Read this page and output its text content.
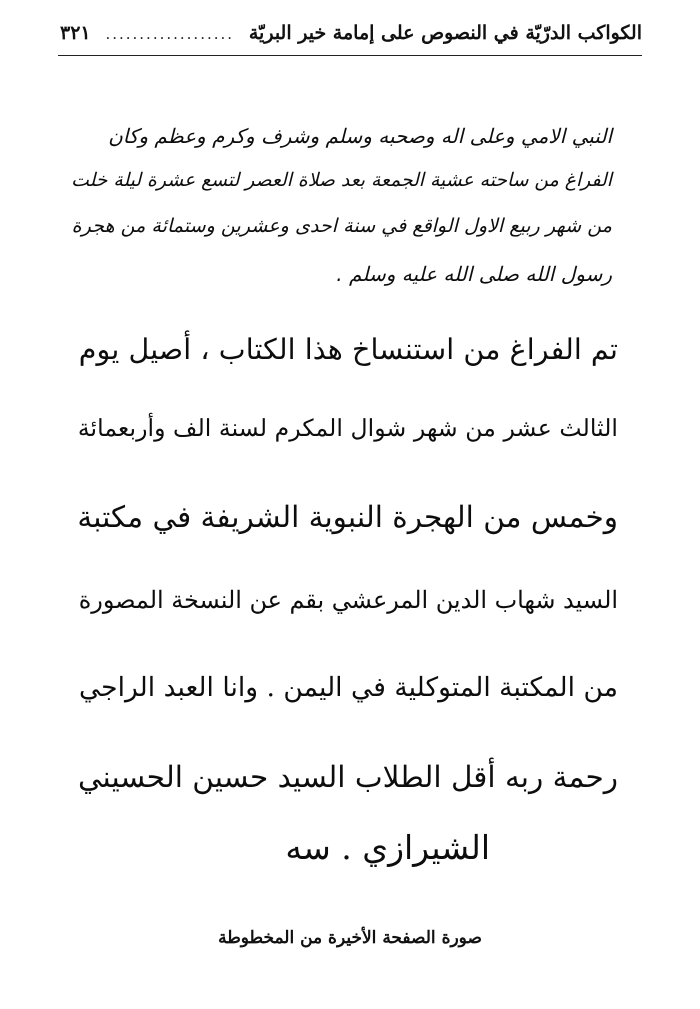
الكواكب الدرّيّة في النصوص على إمامة خير البريّة
...................
٣٢١
النبي الامي وعلى اله وصحبه وسلم وشرف وكرم وعظم وكان
الفراغ من ساحته عشية الجمعة بعد صلاة العصر لتسع عشرة ليلة خلت
من شهر ربيع الاول الواقع في سنة احدى وعشرين وستمائة من هجرة
رسول الله صلى الله عليه وسلم .
تم الفراغ من استنساخ هذا الكتاب ، أصيل يوم
الثالث عشر من شهر شوال المكرم لسنة الف وأربعمائة
وخمس من الهجرة النبوية الشريفة في مكتبة
السيد شهاب الدين المرعشي بقم عن النسخة المصورة
من المكتبة المتوكلية في اليمن . وانا العبد الراجي
رحمة ربه أقل الطلاب السيد حسين الحسيني
الشيرازي . سه
صورة الصفحة الأخيرة من المخطوطة
